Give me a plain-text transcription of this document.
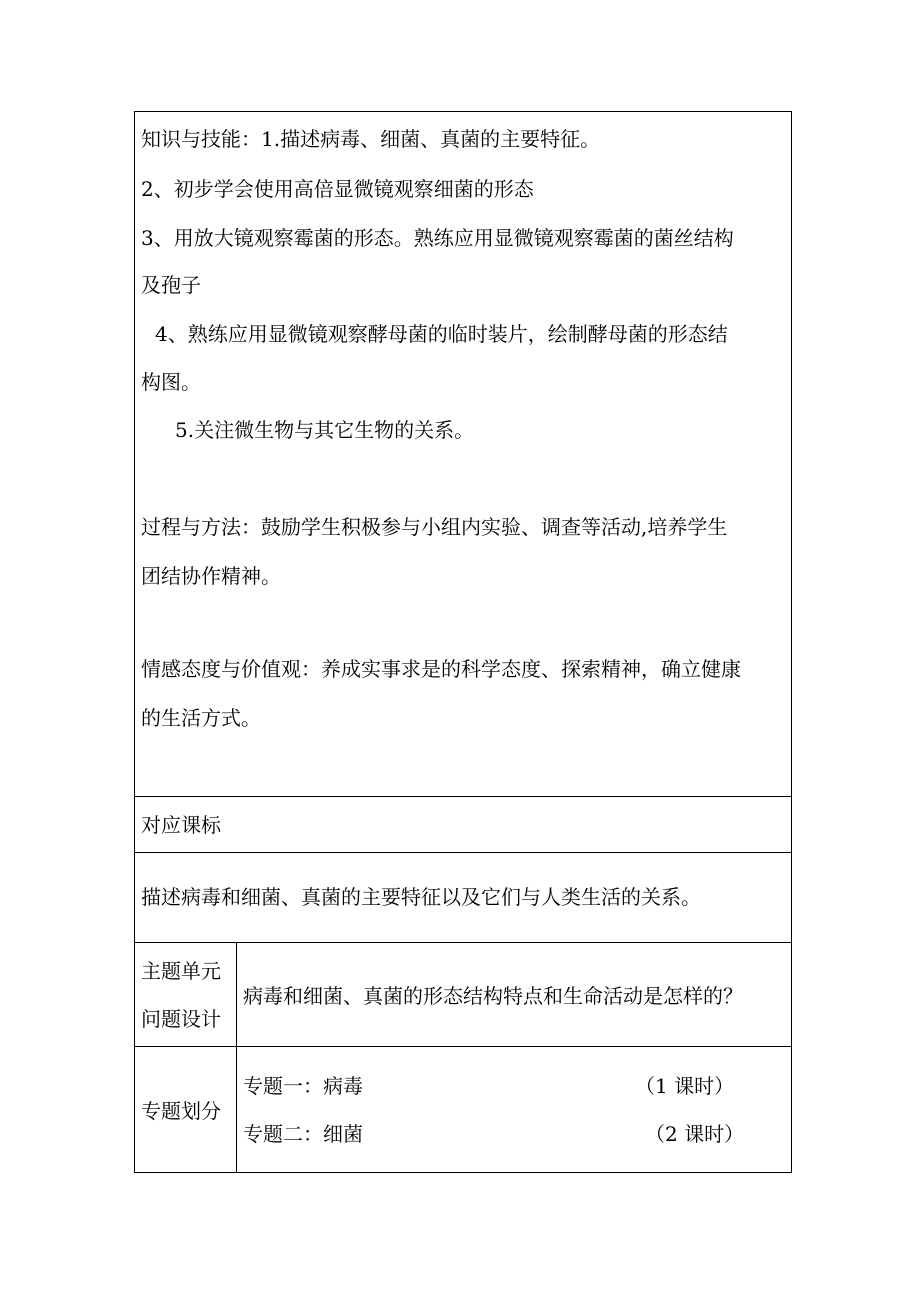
知识与技能：1.描述病毒、细菌、真菌的主要特征。
2、初步学会使用高倍显微镜观察细菌的形态
3、用放大镜观察霉菌的形态。熟练应用显微镜观察霉菌的菌丝结构
及孢子
4、熟练应用显微镜观察酵母菌的临时装片，绘制酵母菌的形态结
构图。
5.关注微生物与其它生物的关系。
过程与方法：鼓励学生积极参与小组内实验、调查等活动,培养学生
团结协作精神。
情感态度与价值观：养成实事求是的科学态度、探索精神，确立健康
的生活方式。
对应课标
描述病毒和细菌、真菌的主要特征以及它们与人类生活的关系。
主题单元
问题设计
病毒和细菌、真菌的形态结构特点和生命活动是怎样的？
专题划分
专题一：病毒	（1 课时）
专题二：细菌	（2 课时）
